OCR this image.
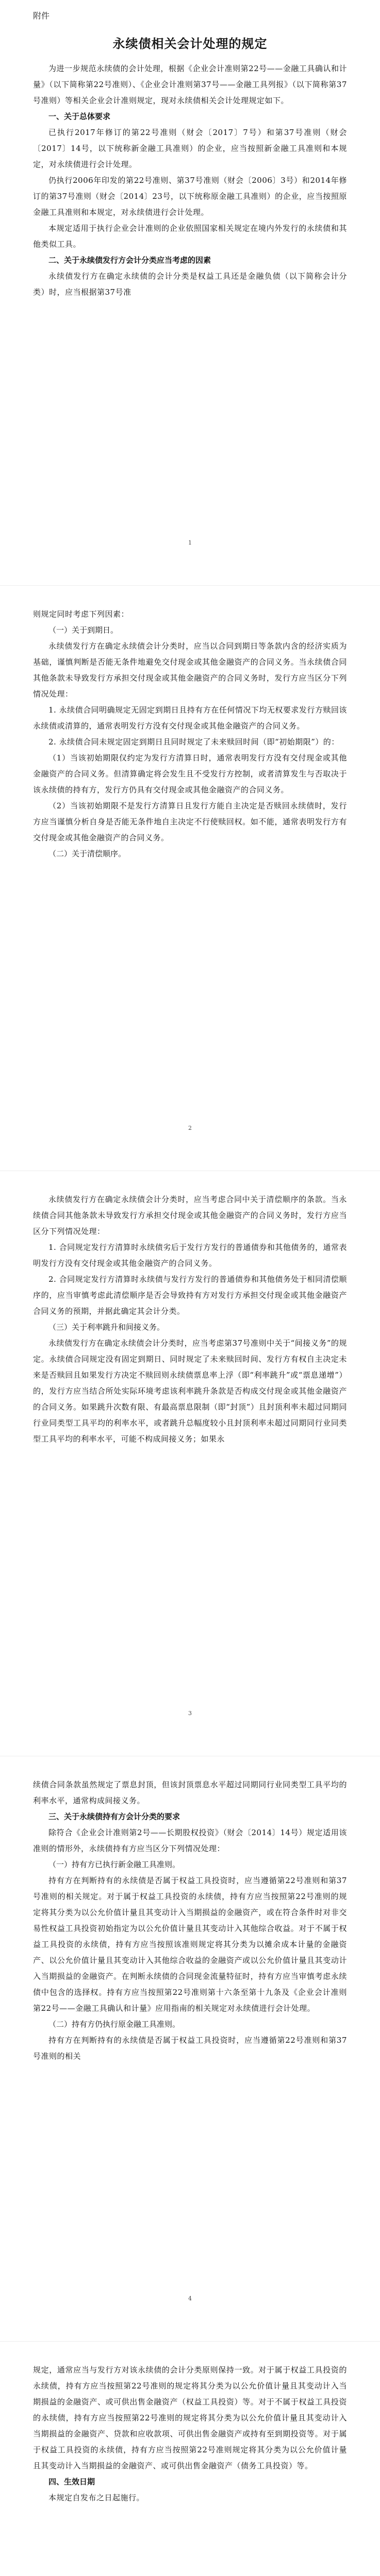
附件
永续债相关会计处理的规定

为进一步规范永续债的会计处理，根据《企业会计准则第22号——金融工具确认和计量》（以下简称第22号准则）、《企业会计准则第37号——金融工具列报》（以下简称第37号准则）等相关企业会计准则规定，现对永续债相关会计处理规定如下。

一、关于总体要求

已执行2017年修订的第22号准则（财会〔2017〕7号）和第37号准则（财会〔2017〕14号，以下统称新金融工具准则）的企业，应当按照新金融工具准则和本规定，对永续债进行会计处理。

仍执行2006年印发的第22号准则、第37号准则（财会〔2006〕3号）和2014年修订的第37号准则（财会〔2014〕23号，以下统称原金融工具准则）的企业，应当按照原金融工具准则和本规定，对永续债进行会计处理。

本规定适用于执行企业会计准则的企业依照国家相关规定在境内外发行的永续债和其他类似工具。

二、关于永续债发行方会计分类应当考虑的因素

永续债发行方在确定永续债的会计分类是权益工具还是金融负债（以下简称会计分类）时，应当根据第37号准

1

则规定同时考虑下列因素：

（一）关于到期日。

永续债发行方在确定永续债会计分类时，应当以合同到期日等条款内含的经济实质为基础，谨慎判断是否能无条件地避免交付现金或其他金融资产的合同义务。当永续债合同其他条款未导致发行方承担交付现金或其他金融资产的合同义务时，发行方应当区分下列情况处理：

1. 永续债合同明确规定无固定到期日且持有方在任何情况下均无权要求发行方赎回该永续债或清算的，通常表明发行方没有交付现金或其他金融资产的合同义务。

2. 永续债合同未规定固定到期日且同时规定了未来赎回时间（即“初始期限”）的：

（1）当该初始期限仅约定为发行方清算日时，通常表明发行方没有交付现金或其他金融资产的合同义务。但清算确定将会发生且不受发行方控制，或者清算发生与否取决于该永续债的持有方，发行方仍具有交付现金或其他金融资产的合同义务。

（2）当该初始期限不是发行方清算日且发行方能自主决定是否赎回永续债时，发行方应当谨慎分析自身是否能无条件地自主决定不行使赎回权。如不能，通常表明发行方有交付现金或其他金融资产的合同义务。

（二）关于清偿顺序。

2

永续债发行方在确定永续债会计分类时，应当考虑合同中关于清偿顺序的条款。当永续债合同其他条款未导致发行方承担交付现金或其他金融资产的合同义务时，发行方应当区分下列情况处理：

1. 合同规定发行方清算时永续债劣后于发行方发行的普通债券和其他债务的，通常表明发行方没有交付现金或其他金融资产的合同义务。

2. 合同规定发行方清算时永续债与发行方发行的普通债券和其他债务处于相同清偿顺序的，应当审慎考虑此清偿顺序是否会导致持有方对发行方承担交付现金或其他金融资产合同义务的预期，并据此确定其会计分类。

（三）关于利率跳升和间接义务。

永续债发行方在确定永续债会计分类时，应当考虑第37号准则中关于“间接义务”的规定。永续债合同规定没有固定到期日、同时规定了未来赎回时间、发行方有权自主决定未来是否赎回且如果发行方决定不赎回则永续债票息率上浮（即“利率跳升”或“票息递增”）的，发行方应当结合所处实际环境考虑该利率跳升条款是否构成交付现金或其他金融资产的合同义务。如果跳升次数有限、有最高票息限制（即“封顶”）且封顶利率未超过同期同行业同类型工具平均的利率水平，或者跳升总幅度较小且封顶利率未超过同期同行业同类型工具平均的利率水平，可能不构成间接义务；如果永

3

续债合同条款虽然规定了票息封顶，但该封顶票息水平超过同期同行业同类型工具平均的利率水平，通常构成间接义务。

三、关于永续债持有方会计分类的要求

除符合《企业会计准则第2号——长期股权投资》（财会〔2014〕14号）规定适用该准则的情形外，永续债持有方应当区分下列情况处理：

（一）持有方已执行新金融工具准则。

持有方在判断持有的永续债是否属于权益工具投资时，应当遵循第22号准则和第37号准则的相关规定。对于属于权益工具投资的永续债，持有方应当按照第22号准则的规定将其分类为以公允价值计量且其变动计入当期损益的金融资产，或在符合条件时对非交易性权益工具投资初始指定为以公允价值计量且其变动计入其他综合收益。对于不属于权益工具投资的永续债，持有方应当按照该准则规定将其分类为以摊余成本计量的金融资产、以公允价值计量且其变动计入其他综合收益的金融资产或以公允价值计量且其变动计入当期损益的金融资产。在判断永续债的合同现金流量特征时，持有方应当审慎考虑永续债中包含的选择权。持有方应当按照第22号准则第十六条至第十九条及《企业会计准则第22号——金融工具确认和计量》应用指南的相关规定对永续债进行会计处理。

（二）持有方仍执行原金融工具准则。

持有方在判断持有的永续债是否属于权益工具投资时，应当遵循第22号准则和第37号准则的相关

4

规定，通常应当与发行方对该永续债的会计分类原则保持一致。对于属于权益工具投资的永续债，持有方应当按照第22号准则的规定将其分类为以公允价值计量且其变动计入当期损益的金融资产、或可供出售金融资产（权益工具投资）等。对于不属于权益工具投资的永续债，持有方应当按照第22号准则的规定将其分类为以公允价值计量且其变动计入当期损益的金融资产、贷款和应收款项、可供出售金融资产或持有至到期投资等。对于属于权益工具投资的永续债，持有方应当按照第22号准则规定将其分类为以公允价值计量且其变动计入当期损益的金融资产、或可供出售金融资产（债务工具投资）等。

四、生效日期

本规定自发布之日起施行。
